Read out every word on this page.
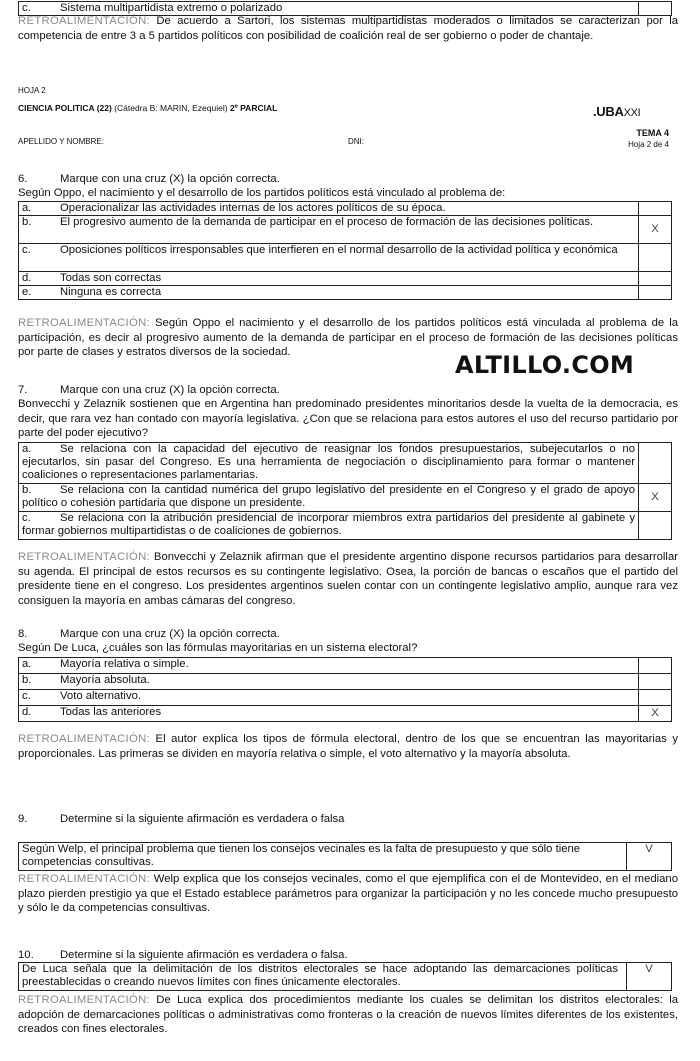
c.	Sistema multipartidista extremo o polarizado	

RETROALIMENTACIÓN: De acuerdo a Sartori, los sistemas multipartidistas moderados o limitados se caracterizan por la competencia de entre 3 a 5 partidos políticos con posibilidad de coalición real de ser gobierno o poder de chantaje.

HOJA 2
CIENCIA POLITICA (22) (Cátedra B: MARIN, Ezequiel) 2º PARCIAL	.UBAXXI
APELLIDO Y NOMBRE:	DNI:
TEMA 4
Hoja 2 de 4
6.	Marque con una cruz (X) la opción correcta.
Según Oppo, el nacimiento y el desarrollo de los partidos políticos está vinculado al problema de:
a. Operacionalizar las actividades internas de los actores políticos de su época.	
b. El progresivo aumento de la demanda de participar en el proceso de formación de las decisiones políticas.	X
c. Oposiciones políticos irresponsables que interfieren en el normal desarrollo de la actividad política y económica	
d. Todas son correctas	
e. Ninguna es correcta	

RETROALIMENTACIÓN: Según Oppo el nacimiento y el desarrollo de los partidos políticos está vinculada al problema de la participación, es decir al progresivo aumento de la demanda de participar en el proceso de formación de las decisiones políticas por parte de clases y estratos diversos de la sociedad.	ALTILLO.COM
7.	Marque con una cruz (X) la opción correcta.

Bonvecchi y Zelaznik sostienen que en Argentina han predominado presidentes minoritarios desde la vuelta de la democracia, es decir, que rara vez han contado con mayoría legislativa. ¿Con que se relaciona para estos autores el uso del recurso partidario por parte del poder ejecutivo?

a. Se relaciona con la capacidad del ejecutivo de reasignar los fondos presupuestarios, subejecutarlos o no ejecutarlos, sin pasar del Congreso. Es una herramienta de negociación o disciplinamiento para formar o mantener coaliciones o representaciones parlamentarias.	
b. Se relaciona con la cantidad numérica del grupo legislativo del presidente en el Congreso y el grado de apoyo político o cohesión partidaria que dispone un presidente.	X
c. Se relaciona con la atribución presidencial de incorporar miembros extra partidarios del presidente al gabinete y formar gobiernos multipartidistas o de coaliciones de gobiernos.	

RETROALIMENTACIÓN: Bonvecchi y Zelaznik afirman que el presidente argentino dispone recursos partidarios para desarrollar su agenda. El principal de estos recursos es su contingente legislativo. Osea, la porción de bancas o escaños que el partido del presidente tiene en el congreso. Los presidentes argentinos suelen contar con un contingente legislativo amplio, aunque rara vez consiguen la mayoría en ambas cámaras del congreso.

8.	Marque con una cruz (X) la opción correcta.
Según De Luca, ¿cuáles son las fórmulas mayoritarias en un sistema electoral?
a. Mayoría relativa o simple.	
b. Mayoría absoluta.	
c. Voto alternativo.	
d. Todas las anteriores	X

RETROALIMENTACIÓN: El autor explica los tipos de fórmula electoral, dentro de los que se encuentran las mayoritarias y proporcionales. Las primeras se dividen en mayoría relativa o simple, el voto alternativo y la mayoría absoluta.

9.	Determine si la siguiente afirmación es verdadera o falsa
Según Welp, el principal problema que tienen los consejos vecinales es la falta de presupuesto y que sólo tiene competencias consultivas.	V

RETROALIMENTACIÓN: Welp explica que los consejos vecinales, como el que ejemplifica con el de Montevideo, en el mediano plazo pierden prestigio ya que el Estado establece parámetros para organizar la participación y no les concede mucho presupuesto y sólo le da competencias consultivas.

10. Determine si la siguiente afirmación es verdadera o falsa.
De Luca señala que la delimitación de los distritos electorales se hace adoptando las demarcaciones políticas preestablecidas o creando nuevos límites con fines únicamente electorales.	V

RETROALIMENTACIÓN: De Luca explica dos procedimientos mediante los cuales se delimitan los distritos electorales: la adopción de demarcaciones políticas o administrativas como fronteras o la creación de nuevos límites diferentes de los existentes, creados con fines electorales.
